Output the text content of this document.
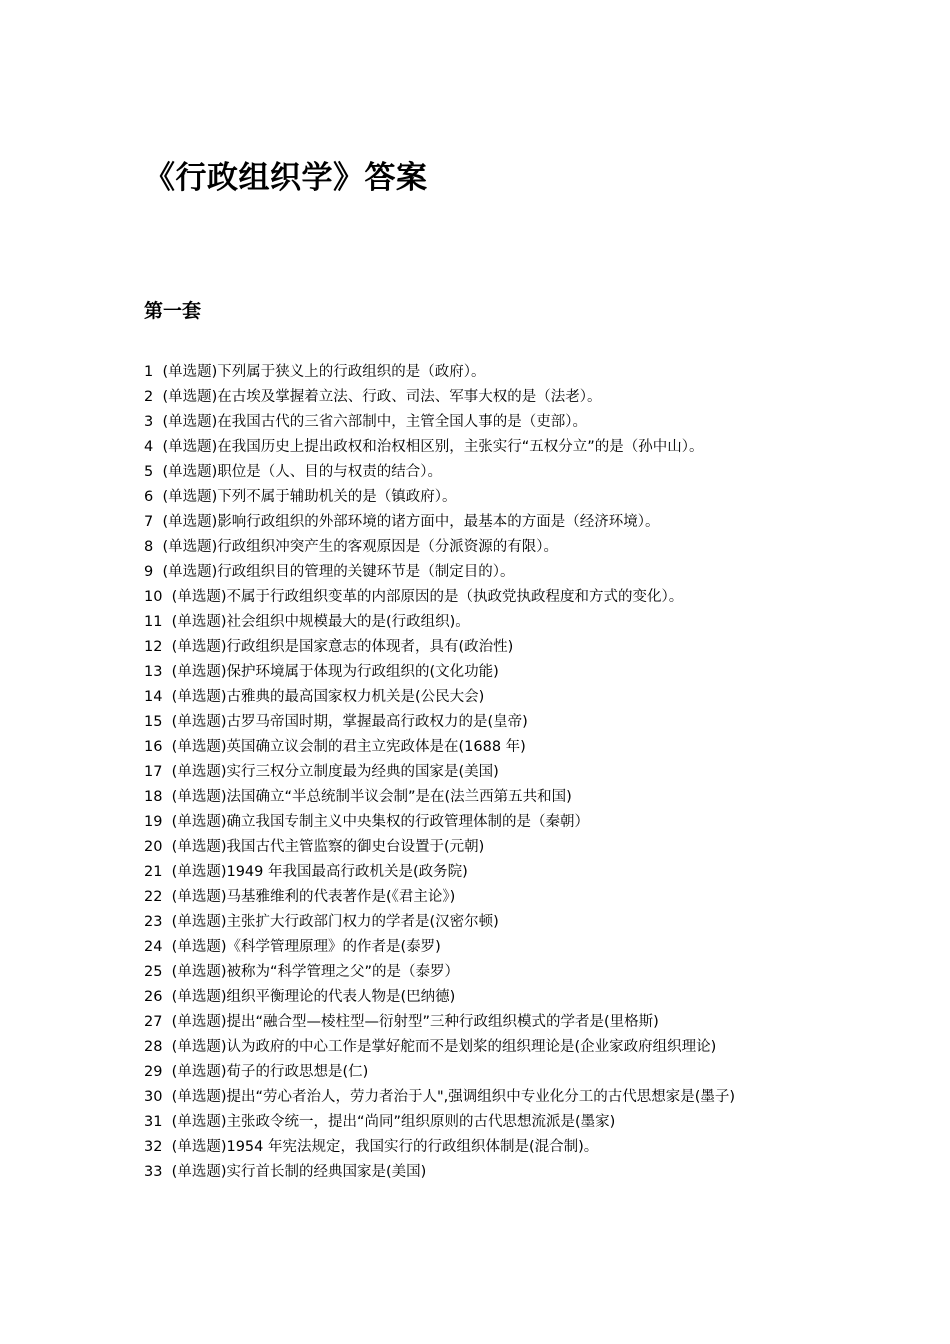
《行政组织学》答案
第一套
1 (单选题)下列属于狭义上的行政组织的是（政府）。
2 (单选题)在古埃及掌握着立法、行政、司法、军事大权的是（法老）。
3 (单选题)在我国古代的三省六部制中，主管全国人事的是（吏部）。
4 (单选题)在我国历史上提出政权和治权相区别，主张实行“五权分立”的是（孙中山）。
5 (单选题)职位是（人、目的与权责的结合）。
6 (单选题)下列不属于辅助机关的是（镇政府）。
7 (单选题)影响行政组织的外部环境的诸方面中，最基本的方面是（经济环境）。
8 (单选题)行政组织冲突产生的客观原因是（分派资源的有限）。
9 (单选题)行政组织目的管理的关键环节是（制定目的）。
10 (单选题)不属于行政组织变革的内部原因的是（执政党执政程度和方式的变化）。
11 (单选题)社会组织中规模最大的是(行政组织)。
12 (单选题)行政组织是国家意志的体现者，具有(政治性)
13 (单选题)保护环境属于体现为行政组织的(文化功能)
14 (单选题)古雅典的最高国家权力机关是(公民大会)
15 (单选题)古罗马帝国时期，掌握最高行政权力的是(皇帝)
16 (单选题)英国确立议会制的君主立宪政体是在(1688 年)
17 (单选题)实行三权分立制度最为经典的国家是(美国)
18 (单选题)法国确立“半总统制半议会制”是在(法兰西第五共和国)
19 (单选题)确立我国专制主义中央集权的行政管理体制的是（秦朝）
20 (单选题)我国古代主管监察的御史台设置于(元朝)
21 (单选题)1949 年我国最高行政机关是(政务院)
22 (单选题)马基雅维利的代表著作是(《君主论》)
23 (单选题)主张扩大行政部门权力的学者是(汉密尔顿)
24 (单选题)《科学管理原理》的作者是(泰罗)
25 (单选题)被称为“科学管理之父”的是（泰罗）
26 (单选题)组织平衡理论的代表人物是(巴纳德)
27 (单选题)提出“融合型—棱柱型—衍射型”三种行政组织模式的学者是(里格斯)
28 (单选题)认为政府的中心工作是掌好舵而不是划桨的组织理论是(企业家政府组织理论)
29 (单选题)荀子的行政思想是(仁)
30 (单选题)提出“劳心者治人，劳力者治于人",强调组织中专业化分工的古代思想家是(墨子)
31 (单选题)主张政令统一，提出“尚同”组织原则的古代思想流派是(墨家)
32 (单选题)1954 年宪法规定，我国实行的行政组织体制是(混合制)。
33 (单选题)实行首长制的经典国家是(美国)
